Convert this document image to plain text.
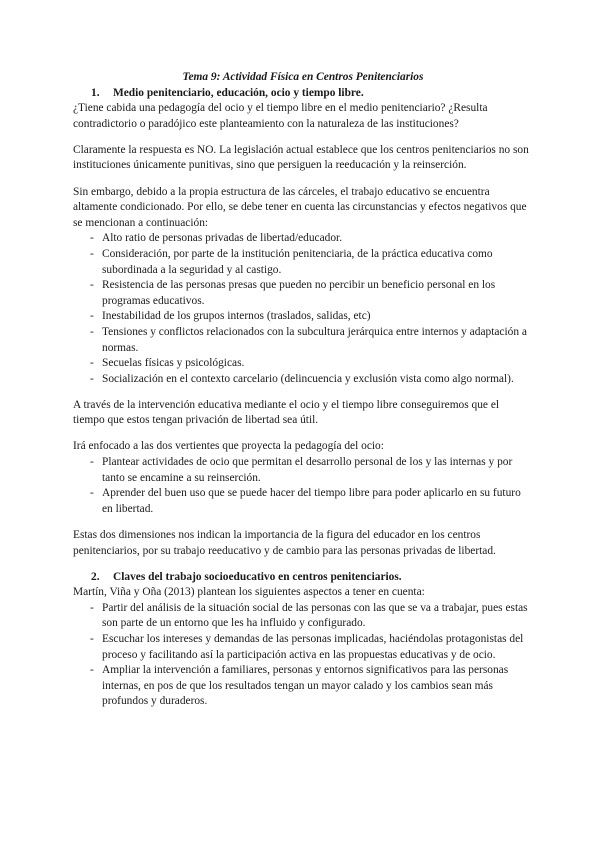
Tema 9: Actividad Física en Centros Penitenciarios

1. Medio penitenciario, educación, ocio y tiempo libre.

¿Tiene cabida una pedagogía del ocio y el tiempo libre en el medio penitenciario? ¿Resulta contradictorio o paradójico este planteamiento con la naturaleza de las instituciones?

Claramente la respuesta es NO. La legislación actual establece que los centros penitenciarios no son instituciones únicamente punitivas, sino que persiguen la reeducación y la reinserción.

Sin embargo, debido a la propia estructura de las cárceles, el trabajo educativo se encuentra altamente condicionado. Por ello, se debe tener en cuenta las circunstancias y efectos negativos que se mencionan a continuación:

- Alto ratio de personas privadas de libertad/educador.
- Consideración, por parte de la institución penitenciaria, de la práctica educativa como subordinada a la seguridad y al castigo.
- Resistencia de las personas presas que pueden no percibir un beneficio personal en los programas educativos.
- Inestabilidad de los grupos internos (traslados, salidas, etc)
- Tensiones y conflictos relacionados con la subcultura jerárquica entre internos y adaptación a normas.
- Secuelas físicas y psicológicas.
- Socialización en el contexto carcelario (delincuencia y exclusión vista como algo normal).

A través de la intervención educativa mediante el ocio y el tiempo libre conseguiremos que el tiempo que estos tengan privación de libertad sea útil.

Irá enfocado a las dos vertientes que proyecta la pedagogía del ocio:

- Plantear actividades de ocio que permitan el desarrollo personal de los y las internas y por tanto se encamine a su reinserción.
- Aprender del buen uso que se puede hacer del tiempo libre para poder aplicarlo en su futuro en libertad.

Estas dos dimensiones nos indican la importancia de la figura del educador en los centros penitenciarios, por su trabajo reeducativo y de cambio para las personas privadas de libertad.

2. Claves del trabajo socioeducativo en centros penitenciarios.

Martín, Viña y Oña (2013) plantean los siguientes aspectos a tener en cuenta:

- Partir del análisis de la situación social de las personas con las que se va a trabajar, pues estas son parte de un entorno que les ha influido y configurado.
- Escuchar los intereses y demandas de las personas implicadas, haciéndolas protagonistas del proceso y facilitando así la participación activa en las propuestas educativas y de ocio.
- Ampliar la intervención a familiares, personas y entornos significativos para las personas internas, en pos de que los resultados tengan un mayor calado y los cambios sean más profundos y duraderos.
